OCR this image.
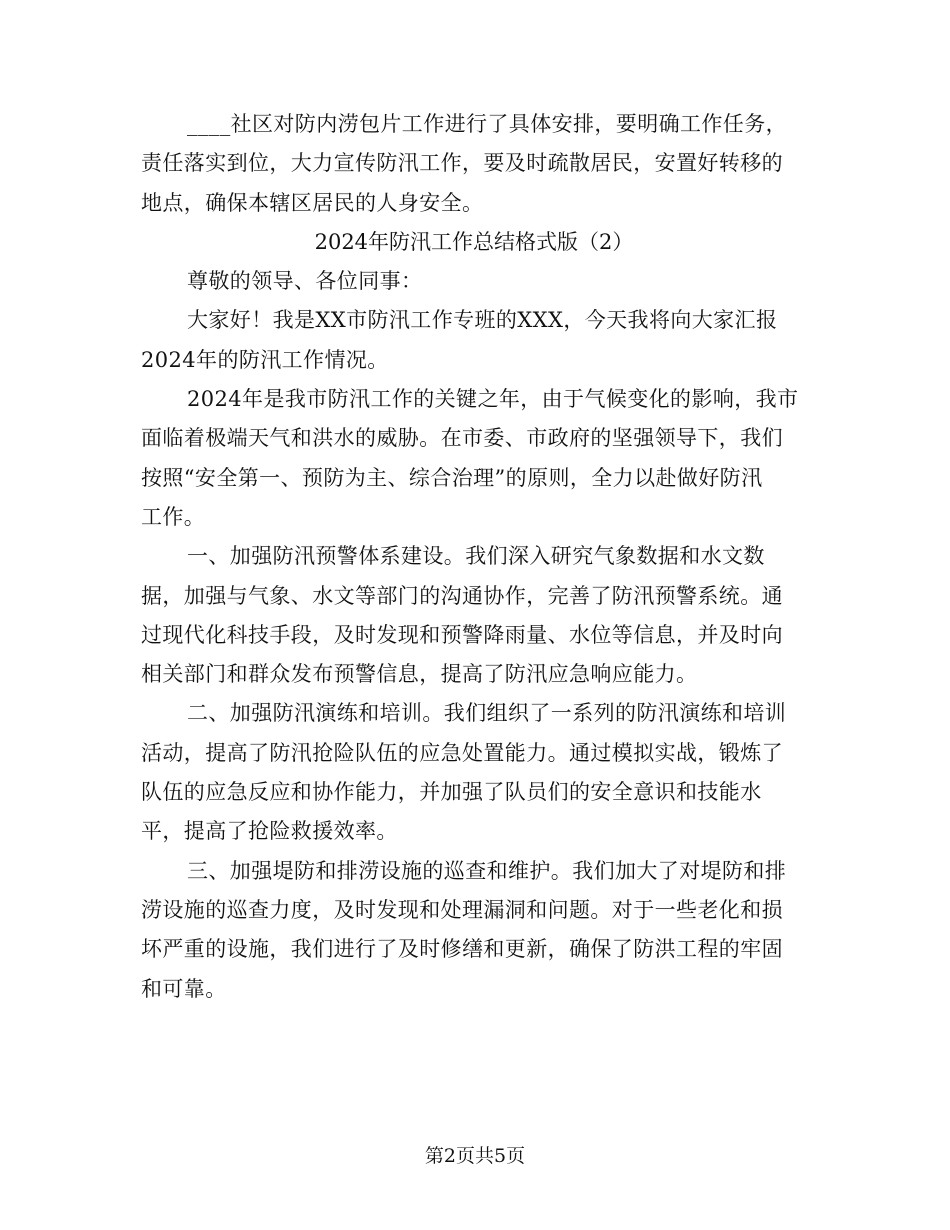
____社区对防内涝包片工作进行了具体安排，要明确工作任务，
责任落实到位，大力宣传防汛工作，要及时疏散居民，安置好转移的
地点，确保本辖区居民的人身安全。
2024年防汛工作总结格式版（2）
尊敬的领导、各位同事：
大家好！我是XX市防汛工作专班的XXX，今天我将向大家汇报
2024年的防汛工作情况。
2024年是我市防汛工作的关键之年，由于气候变化的影响，我市
面临着极端天气和洪水的威胁。在市委、市政府的坚强领导下，我们
按照“安全第一、预防为主、综合治理”的原则，全力以赴做好防汛
工作。
一、加强防汛预警体系建设。我们深入研究气象数据和水文数
据，加强与气象、水文等部门的沟通协作，完善了防汛预警系统。通
过现代化科技手段，及时发现和预警降雨量、水位等信息，并及时向
相关部门和群众发布预警信息，提高了防汛应急响应能力。
二、加强防汛演练和培训。我们组织了一系列的防汛演练和培训
活动，提高了防汛抢险队伍的应急处置能力。通过模拟实战，锻炼了
队伍的应急反应和协作能力，并加强了队员们的安全意识和技能水
平，提高了抢险救援效率。
三、加强堤防和排涝设施的巡查和维护。我们加大了对堤防和排
涝设施的巡查力度，及时发现和处理漏洞和问题。对于一些老化和损
坏严重的设施，我们进行了及时修缮和更新，确保了防洪工程的牢固
和可靠。
第2页共5页
